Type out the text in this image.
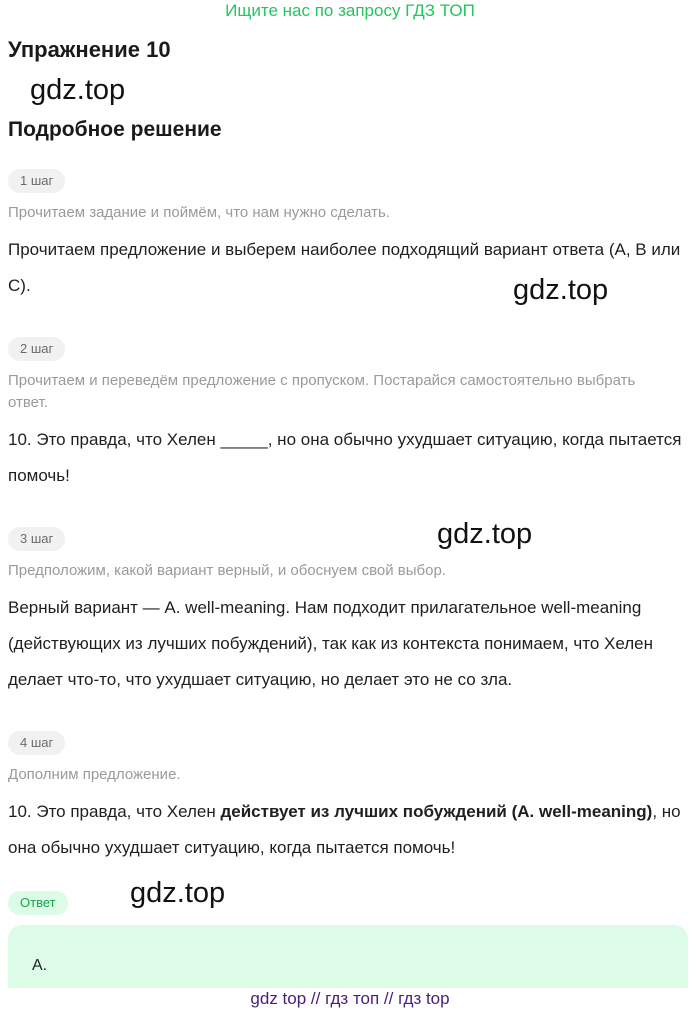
Ищите нас по запросу ГДЗ ТОП
Упражнение 10
gdz.top
Подробное решение
1 шаг
Прочитаем задание и поймём, что нам нужно сделать.
Прочитаем предложение и выберем наиболее подходящий вариант ответа (A, B или C).	gdz.top
2 шаг
Прочитаем и переведём предложение с пропуском. Постарайся самостоятельно выбрать ответ.
10. Это правда, что Хелен _____, но она обычно ухудшает ситуацию, когда пытается помочь!
3 шаг	gdz.top
Предположим, какой вариант верный, и обоснуем свой выбор.
Верный вариант — A. well-meaning. Нам подходит прилагательное well-meaning (действующих из лучших побуждений), так как из контекста понимаем, что Хелен делает что-то, что ухудшает ситуацию, но делает это не со зла.
4 шаг
Дополним предложение.
10. Это правда, что Хелен действует из лучших побуждений (A. well-meaning), но она обычно ухудшает ситуацию, когда пытается помочь!
Ответ	gdz.top
A.
gdz top // гдз топ // гдз top
